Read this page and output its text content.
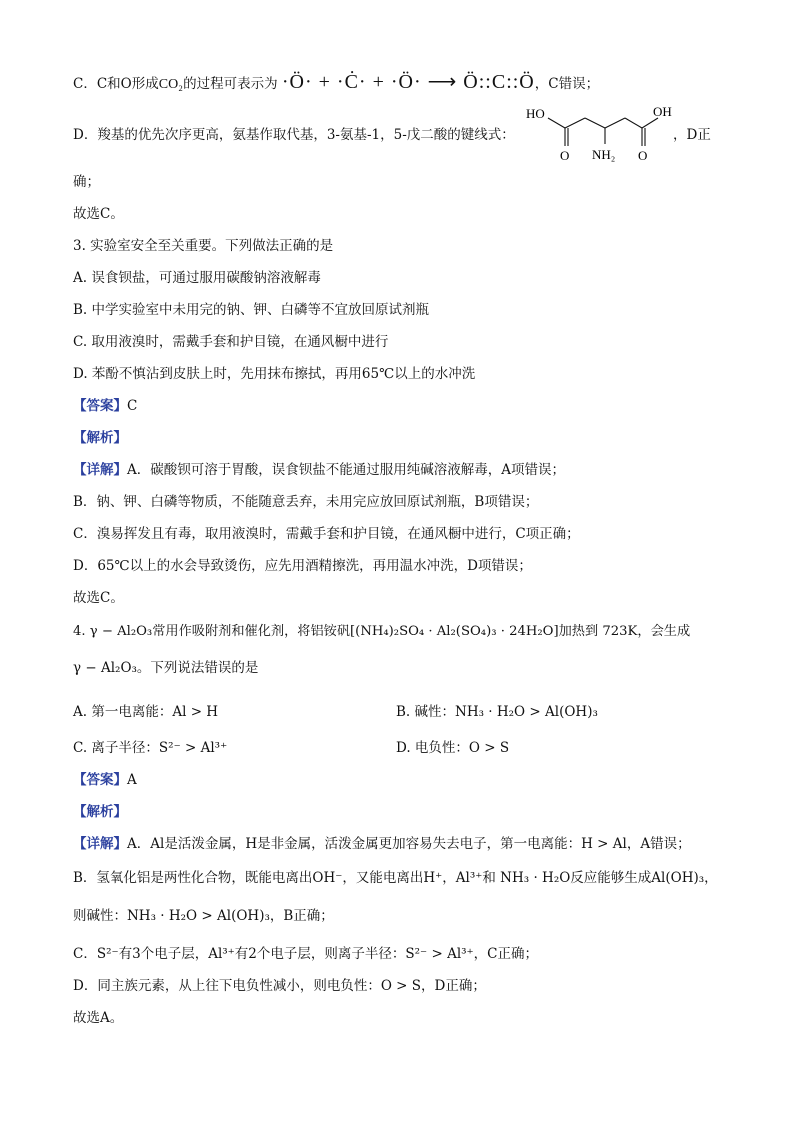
C．C和O形成CO₂的过程可表示为 ·Ö· + ·Ċ· + ·Ö· ⟶ Ö::C::Ö，C错误；
D．羧基的优先次序更高，氨基作取代基，3-氨基-1，5-戊二酸的键线式：	，D正
HO	OH
O	O
NH₂
确；
故选C。
3. 实验室安全至关重要。下列做法正确的是
A. 误食钡盐，可通过服用碳酸钠溶液解毒
B. 中学实验室中未用完的钠、钾、白磷等不宜放回原试剂瓶
C. 取用液溴时，需戴手套和护目镜，在通风橱中进行
D. 苯酚不慎沾到皮肤上时，先用抹布擦拭，再用65℃以上的水冲洗
【答案】C
【解析】
【详解】A．碳酸钡可溶于胃酸，误食钡盐不能通过服用纯碱溶液解毒，A项错误；
B．钠、钾、白磷等物质，不能随意丢弃，未用完应放回原试剂瓶，B项错误；
C．溴易挥发且有毒，取用液溴时，需戴手套和护目镜，在通风橱中进行，C项正确；
D．65℃以上的水会导致烫伤，应先用酒精擦洗，再用温水冲洗，D项错误；
故选C。
4. γ − Al₂O₃常用作吸附剂和催化剂，将铝铵矾[(NH₄)₂SO₄ · Al₂(SO₄)₃ · 24H₂O]加热到 723K，会生成
γ − Al₂O₃。下列说法错误的是
A. 第一电离能：Al > H	B. 碱性：NH₃ · H₂O > Al(OH)₃
C. 离子半径：S²⁻ > Al³⁺	D. 电负性：O > S
【答案】A
【解析】
【详解】A．Al是活泼金属，H是非金属，活泼金属更加容易失去电子，第一电离能：H > Al，A错误；
B．氢氧化铝是两性化合物，既能电离出OH⁻，又能电离出H⁺，Al³⁺和 NH₃ · H₂O反应能够生成Al(OH)₃，
则碱性：NH₃ · H₂O > Al(OH)₃，B正确；
C．S²⁻有3个电子层，Al³⁺有2个电子层，则离子半径：S²⁻ > Al³⁺，C正确；
D．同主族元素，从上往下电负性减小，则电负性：O > S，D正确；
故选A。
